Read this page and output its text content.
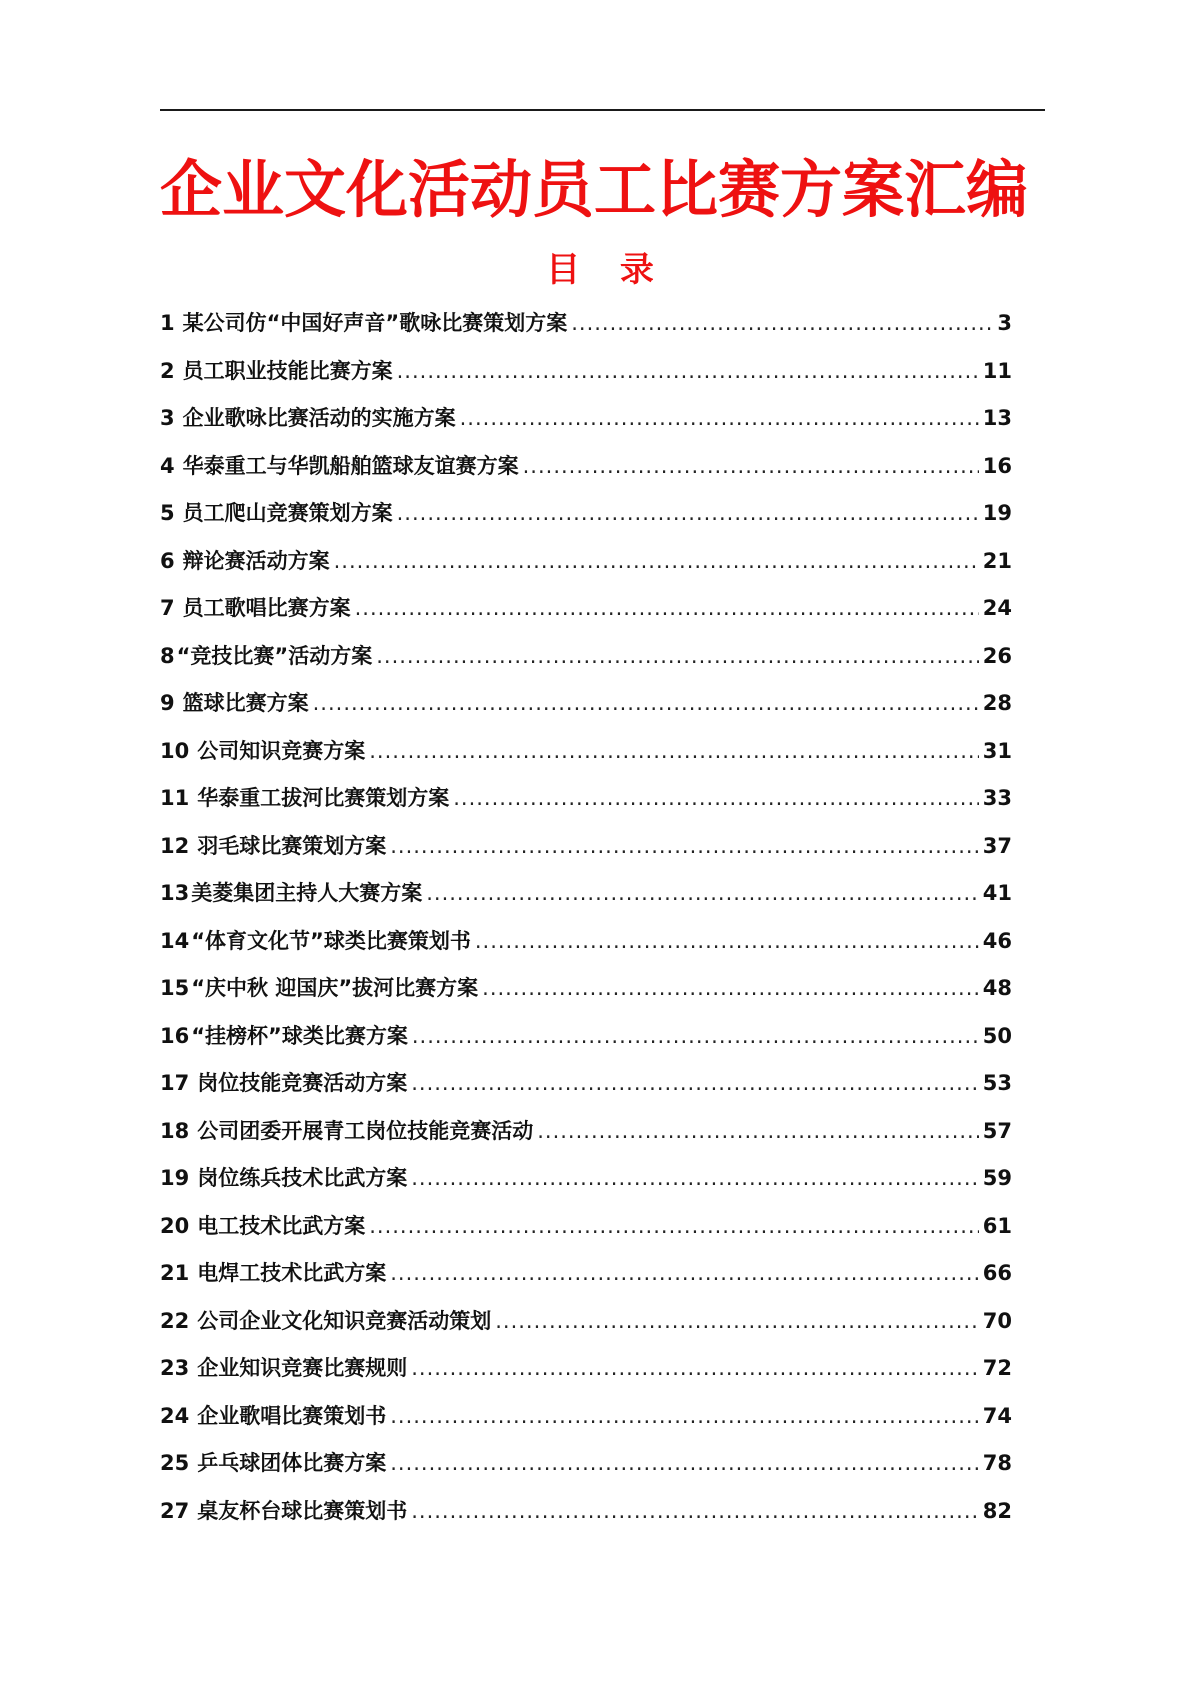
企业文化活动员工比赛方案汇编
目 录
1 某公司仿“中国好声音”歌咏比赛策划方案 .....	3
2 员工职业技能比赛方案 .....	11
3 企业歌咏比赛活动的实施方案 .....	13
4 华泰重工与华凯船舶篮球友谊赛方案 .....	16
5 员工爬山竞赛策划方案 .....	19
6 辩论赛活动方案 .....	21
7 员工歌唱比赛方案 .....	24
8 “竞技比赛”活动方案 .....	26
9 篮球比赛方案 .....	28
10 公司知识竞赛方案 .....	31
11 华泰重工拔河比赛策划方案 .....	33
12 羽毛球比赛策划方案 .....	37
13 美菱集团主持人大赛方案 .....	41
14 “体育文化节”球类比赛策划书 .....	46
15 “庆中秋 迎国庆”拔河比赛方案 .....	48
16 “挂榜杯”球类比赛方案 .....	50
17 岗位技能竞赛活动方案 .....	53
18 公司团委开展青工岗位技能竞赛活动 .....	57
19 岗位练兵技术比武方案 .....	59
20 电工技术比武方案 .....	61
21 电焊工技术比武方案 .....	66
22 公司企业文化知识竞赛活动策划 .....	70
23 企业知识竞赛比赛规则 .....	72
24 企业歌唱比赛策划书 .....	74
25 乒乓球团体比赛方案 .....	78
27 桌友杯台球比赛策划书 .....	82
